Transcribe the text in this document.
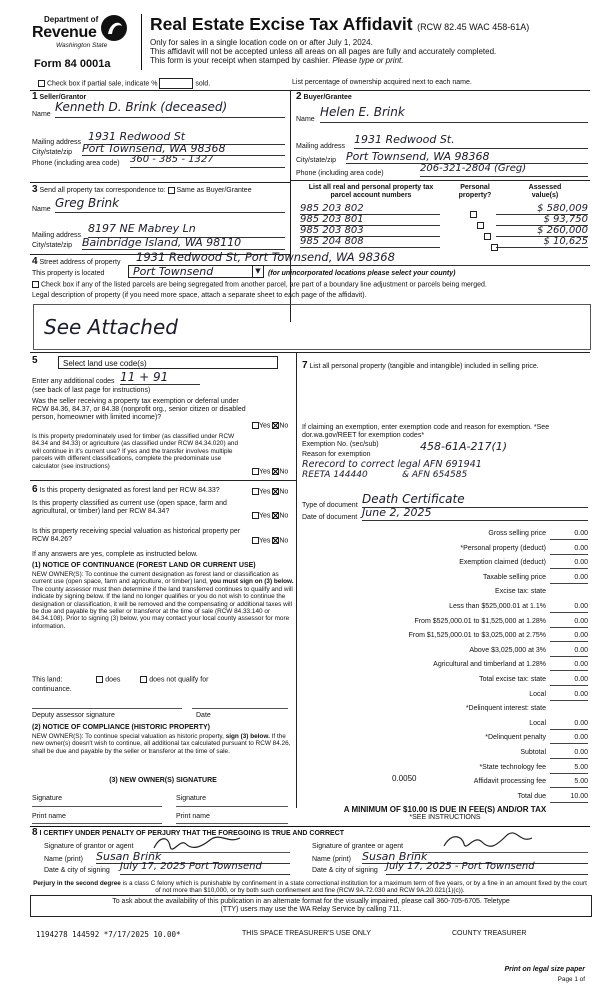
Department of
Revenue
Washington State
Form 84 0001a
Real Estate Excise Tax Affidavit (RCW 82.45 WAC 458-61A)
Only for sales in a single location code on or after July 1, 2024.
This affidavit will not be accepted unless all areas on all pages are fully and accurately completed.
This form is your receipt when stamped by cashier. Please type or print.
Check box if partial sale, indicate %	sold.	List percentage of ownership acquired next to each name.
1 Seller/Grantor
Name
Kenneth D. Brink (deceased)
Mailing address 1931 Redwood St
City/state/zip Port Townsend, WA 98368
Phone (including area code) 360 - 385 - 1327
2 Buyer/Grantee
Name
Helen E. Brink
Mailing address
1931 Redwood St.
City/state/zip Port Townsend, WA 98368
Phone (including area code)	206-321-2804 (Greg)
3 Send all property tax correspondence to: Same as Buyer/Grantee
Name Greg Brink
Mailing address
8197 NE Mabrey Ln
City/state/zip Bainbridge Island, WA 98110
List all real and personal property tax
parcel account numbers
Personal
property?
Assessed
value(s)
985 203 802	$ 580,009
985 203 801	$ 93,750
985 203 803	$ 260,000
985 204 808	$ 10,625
4 Street address of property 1931 Redwood St, Port Townsend, WA 98368
This property is located	Port Townsend	▼	(for unincorporated locations please select your county)
Check box if any of the listed parcels are being segregated from another parcel, are part of a boundary line adjustment or parcels being merged.
Legal description of property (if you need more space, attach a separate sheet to each page of the affidavit).
See Attached
5	Select land use code(s)
Enter any additional codes 11 + 91
(see back of last page for instructions)
Was the seller receiving a property tax exemption or deferral under RCW 84.36, 84.37, or 84.38 (nonprofit org., senior citizen or disabled person, homeowner with limited income)?
Yes No
Is this property predominately used for timber (as classified under RCW 84.34 and 84.33) or agriculture (as classified under RCW 84.34.020) and will continue in it's current use? If yes and the transfer involves multiple parcels with different classifications, complete the predominate use calculator (see instructions)
Yes No
6 Is this property designated as forest land per RCW 84.33?	Yes No
Is this property classified as current use (open space, farm and agricultural, or timber) land per RCW 84.34?
Yes No
Is this property receiving special valuation as historical property per RCW 84.26?	Yes No
If any answers are yes, complete as instructed below.
(1) NOTICE OF CONTINUANCE (FOREST LAND OR CURRENT USE)
NEW OWNER(S): To continue the current designation as forest land or classification as current use (open space, farm and agriculture, or timber) land, you must sign on (3) below. The county assessor must then determine if the land transferred continues to qualify and will indicate by signing below. If the land no longer qualifies or you do not wish to continue the designation or classification, it will be removed and the compensating or additional taxes will be due and payable by the seller or transferor at the time of sale (RCW 84.33.140 or 84.34.108). Prior to signing (3) below, you may contact your local county assessor for more information.
This land:	does	does not qualify for
continuance.
Deputy assessor signature	Date
(2) NOTICE OF COMPLIANCE (HISTORIC PROPERTY)
NEW OWNER(S): To continue special valuation as historic property, sign (3) below. If the new owner(s) doesn't wish to continue, all additional tax calculated pursuant to RCW 84.26, shall be due and payable by the seller or transferor at the time of sale.
(3) NEW OWNER(S) SIGNATURE
Signature	Signature
Print name	Print name
7 List all personal property (tangible and intangible) included in selling price.
If claiming an exemption, enter exemption code and reason for exemption. *See dor.wa.gov/REET for exemption codes*
Exemption No. (sec/sub)	458-61A-217(1)
Reason for exemption
Rerecord to correct legal AFN 691941
REETA 144440            & AFN 654585
Type of document Death Certificate
Date of document June 2, 2025
Gross selling price	0.00
*Personal property (deduct)	0.00
Exemption claimed (deduct)	0.00
Taxable selling price	0.00
Excise tax: state
Less than $525,000.01 at 1.1%	0.00
From $525,000.01 to $1,525,000 at 1.28%	0.00
From $1,525,000.01 to $3,025,000 at 2.75%	0.00
Above $3,025,000 at 3%	0.00
Agricultural and timberland at 1.28%	0.00
Total excise tax: state	0.00
Local	0.00
*Delinquent interest: state
Local	0.00
*Delinquent penalty	0.00
Subtotal	0.00
*State technology fee	5.00
Affidavit processing fee	5.00
Total due	10.00
0.0050
A MINIMUM OF $10.00 IS DUE IN FEE(S) AND/OR TAX
*SEE INSTRUCTIONS
8 I CERTIFY UNDER PENALTY OF PERJURY THAT THE FOREGOING IS TRUE AND CORRECT
Signature of grantor or agent
Name (print) Susan Brink
Date & city of signing July 17, 2025 Port Townsend
Signature of grantee or agent
Name (print) Susan Brink
Date & city of signing July 17, 2025 - Port Townsend
Perjury in the second degree is a class C felony which is punishable by confinement in a state correctional institution for a maximum term of five years, or by a fine in an amount fixed by the court of not more than $10,000, or by both such confinement and fine (RCW 9A.72.030 and RCW 9A.20.021(1)(c)).
To ask about the availability of this publication in an alternate format for the visually impaired, please call 360-705-6705. Teletype
(TTY) users may use the WA Relay Service by calling 711.
1194278 144592 *7/17/2025 10.00*	THIS SPACE TREASURER'S USE ONLY	COUNTY TREASURER
Print on legal size paper
Page 1 of
